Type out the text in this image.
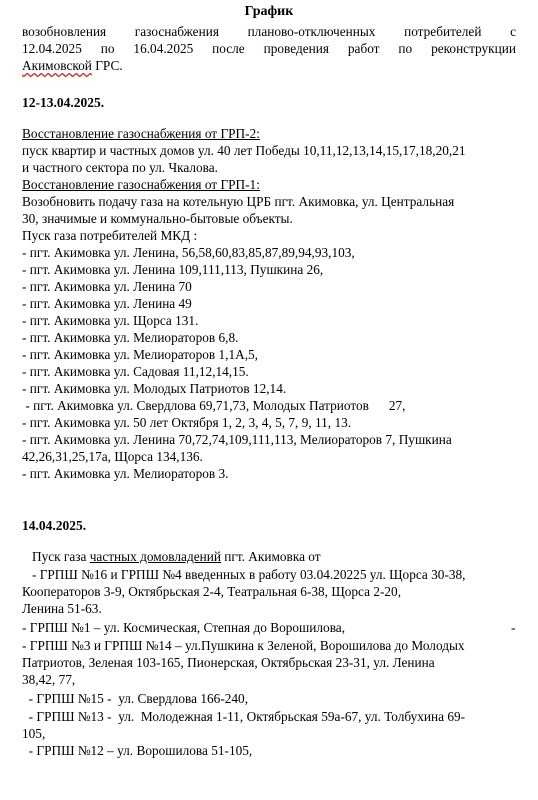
График
возобновления газоснабжения планово-отключенных потребителей с
12.04.2025 по 16.04.2025 после проведения работ по реконструкции
Акимовской ГРС.
12-13.04.2025.
Восстановление газоснабжения от ГРП-2:
пуск квартир и частных домов ул. 40 лет Победы 10,11,12,13,14,15,17,18,20,21
и частного сектора по ул. Чкалова.
Восстановление газоснабжения от ГРП-1:
Возобновить подачу газа на котельную ЦРБ пгт. Акимовка, ул. Центральная
30, значимые и коммунально-бытовые объекты.
Пуск газа потребителей МКД :
- пгт. Акимовка ул. Ленина, 56,58,60,83,85,87,89,94,93,103,
- пгт. Акимовка ул. Ленина 109,111,113, Пушкина 26,
- пгт. Акимовка ул. Ленина 70
- пгт. Акимовка ул. Ленина 49
- пгт. Акимовка ул. Щорса 131.
- пгт. Акимовка ул. Мелиораторов 6,8.
- пгт. Акимовка ул. Мелиораторов 1,1А,5,
- пгт. Акимовка ул. Садовая 11,12,14,15.
- пгт. Акимовка ул. Молодых Патриотов 12,14.
- пгт. Акимовка ул. Свердлова 69,71,73, Молодых Патриотов      27,
- пгт. Акимовка ул. 50 лет Октября 1, 2, 3, 4, 5, 7, 9, 11, 13.
- пгт. Акимовка ул. Ленина 70,72,74,109,111,113, Мелиораторов 7, Пушкина
42,26,31,25,17а, Щорса 134,136.
- пгт. Акимовка ул. Мелиораторов 3.
14.04.2025.
Пуск газа частных домовладений пгт. Акимовка от
- ГРПШ №16 и ГРПШ №4 введенных в работу 03.04.20225 ул. Щорса 30-38,
Кооператоров 3-9, Октябрьская 2-4, Театральная 6-38, Щорса 2-20,
Ленина 51-63.
- ГРПШ №1 – ул. Космическая, Степная до Ворошилова,	-
- ГРПШ №3 и ГРПШ №14 – ул.Пушкина к Зеленой, Ворошилова до Молодых
Патриотов, Зеленая 103-165, Пионерская, Октябрьская 23-31, ул. Ленина
38,42, 77,
- ГРПШ №15 -  ул. Свердлова 166-240,
- ГРПШ №13 -  ул.  Молодежная 1-11, Октябрьская 59а-67, ул. Толбухина 69-
105,
- ГРПШ №12 – ул. Ворошилова 51-105,
